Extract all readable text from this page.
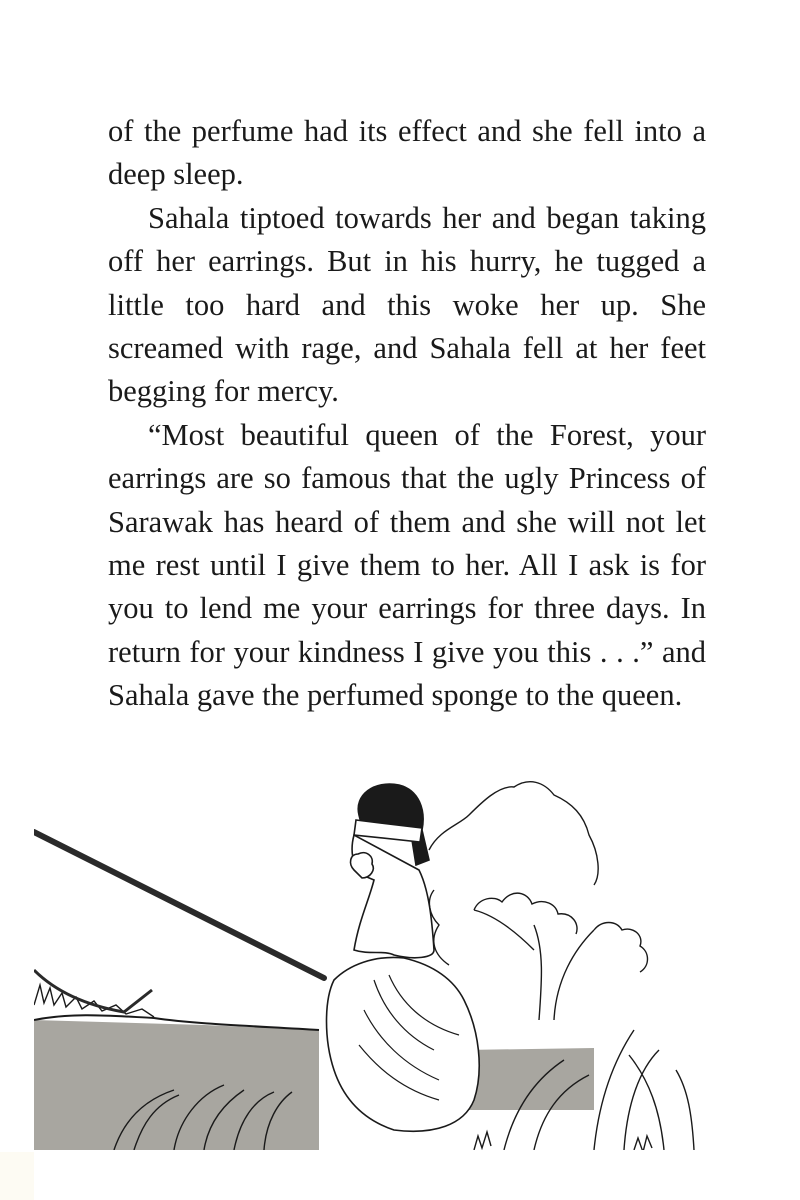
of the perfume had its effect and she fell into a deep sleep.

Sahala tiptoed towards her and began taking off her earrings. But in his hurry, he tugged a little too hard and this woke her up. She screamed with rage, and Sahala fell at her feet begging for mercy.

“Most beautiful queen of the Forest, your earrings are so famous that the ugly Princess of Sarawak has heard of them and she will not let me rest until I give them to her. All I ask is for you to lend me your earrings for three days. In return for your kindness I give you this . . .” and Sahala gave the perfumed sponge to the queen.
